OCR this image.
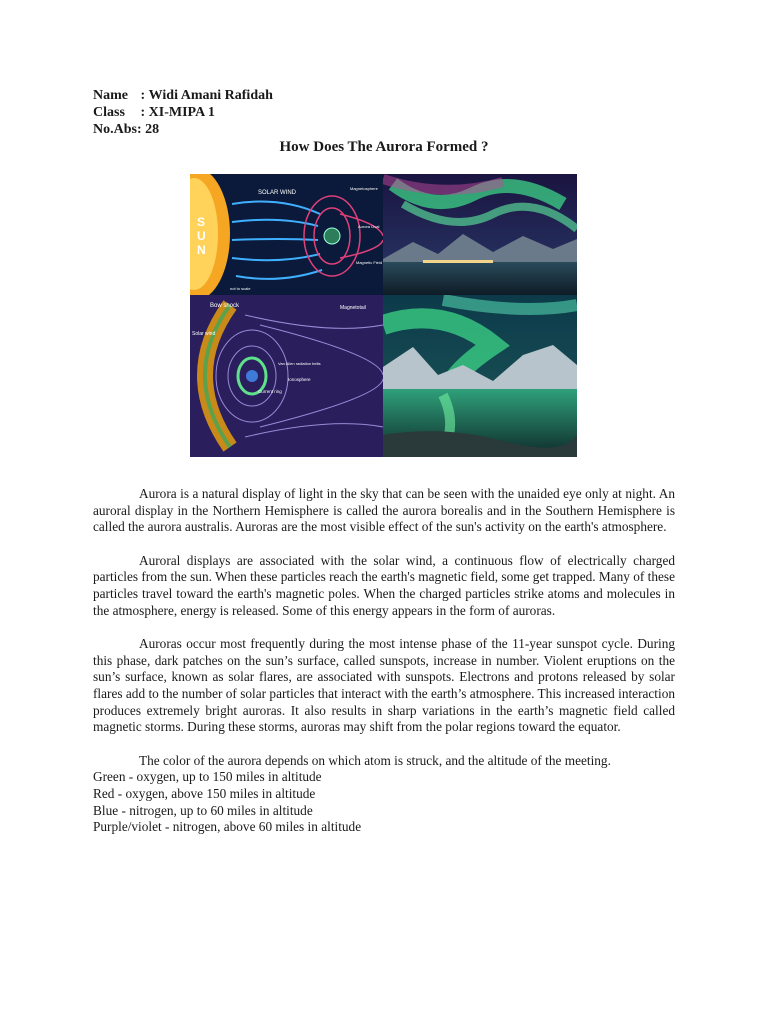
Name : Widi Amani Rafidah
Class : XI-MIPA 1
No.Abs : 28
How Does The Aurora Formed ?
S
U
N
SOLAR WIND
Magnetosphere
Aurora Oval
Magnetic Field
not to scale
Bow shock	Magnetotail
Solar wind
Van Allen radiation belts
Ionosphere
Current ring

Aurora is a natural display of light in the sky that can be seen with the unaided eye only at night. An auroral display in the Northern Hemisphere is called the aurora borealis and in the Southern Hemisphere is called the aurora australis. Auroras are the most visible effect of the sun's activity on the earth's atmosphere.

Auroral displays are associated with the solar wind, a continuous flow of electrically charged particles from the sun. When these particles reach the earth's magnetic field, some get trapped. Many of these particles travel toward the earth's magnetic poles. When the charged particles strike atoms and molecules in the atmosphere, energy is released. Some of this energy appears in the form of auroras.

Auroras occur most frequently during the most intense phase of the 11-year sunspot cycle. During this phase, dark patches on the sun’s surface, called sunspots, increase in number. Violent eruptions on the sun’s surface, known as solar flares, are associated with sunspots. Electrons and protons released by solar flares add to the number of solar particles that interact with the earth’s atmosphere. This increased interaction produces extremely bright auroras. It also results in sharp variations in the earth’s magnetic field called magnetic storms. During these storms, auroras may shift from the polar regions toward the equator.

The color of the aurora depends on which atom is struck, and the altitude of the meeting.

Green - oxygen, up to 150 miles in altitude
Red - oxygen, above 150 miles in altitude
Blue - nitrogen, up to 60 miles in altitude
Purple/violet - nitrogen, above 60 miles in altitude
